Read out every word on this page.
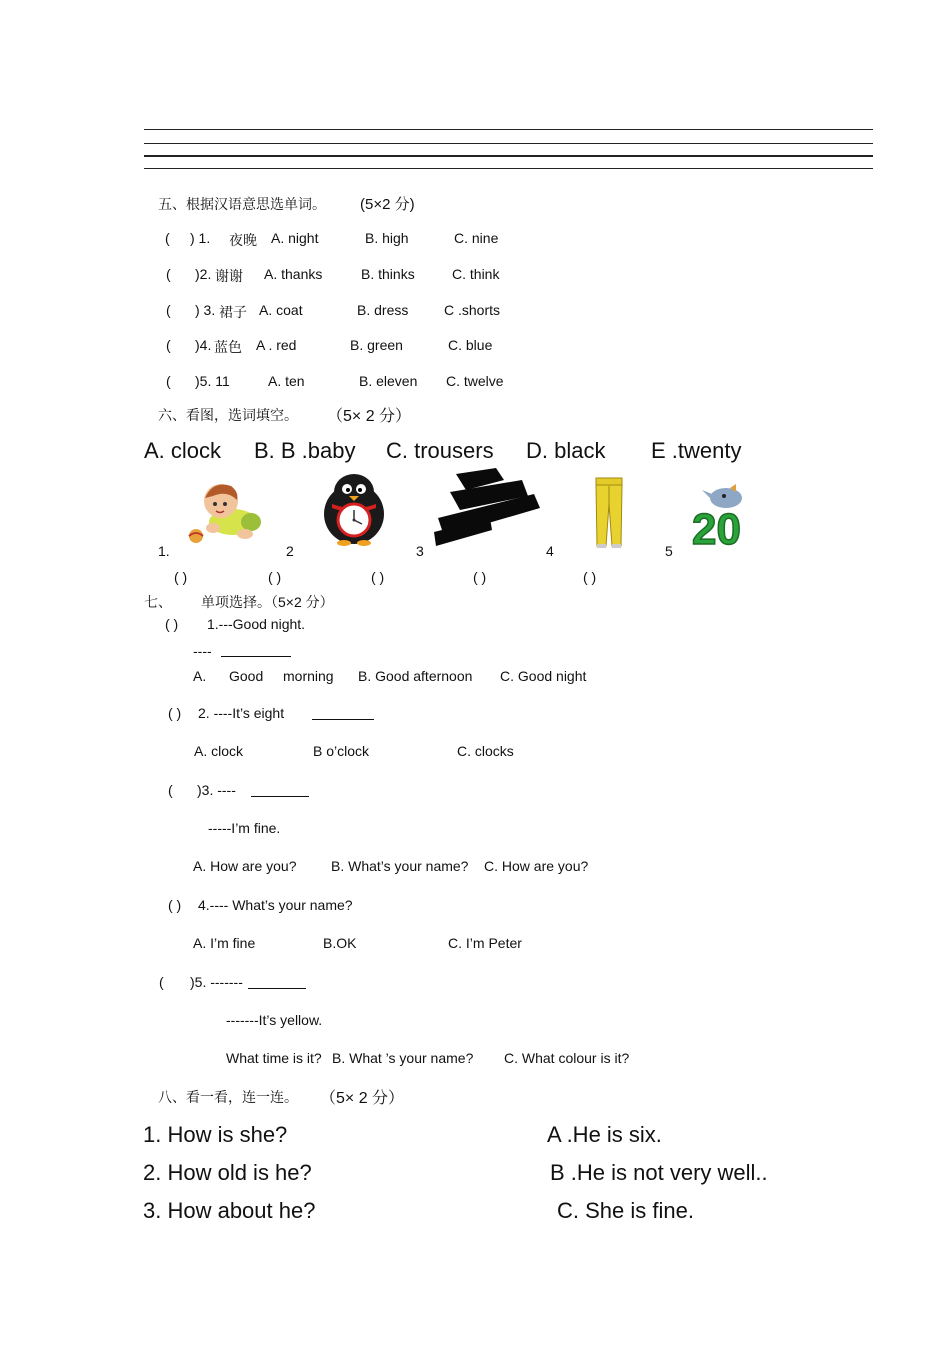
五、根据汉语意思选单词。 (5×2 分)
( ) 1. 夜晚 A. night	B. high	C. nine
( )2. 谢谢 A. thanks	B. thinks	C. think
( ) 3. 裙子 A. coat	B. dress	C .shorts
( )4. 蓝色 A . red	B. green	C. blue
( )5. 11	A. ten	B. eleven C. twelve
六、看图，选词填空。 （5× 2 分）
A. clock B. B .baby C. trousers D. black E .twenty
20
1.	2	3	4	5
( )	( )	( )	( )	( )
七、 单项选择。（5×2 分）
( ) 1.---Good night.
----
A. Good morning B. Good afternoon C. Good night
( ) 2. ----It’s eight
A. clock	B o’clock	C. clocks
( )3. ----
-----I’m fine.
A. How are you? B. What’s your name? C. How are you?
( ) 4.---- What’s your name?
A. I’m fine	B.OK	C. I’m Peter
( )5. -------
-------It’s yellow.
What time is it? B. What ’s your name? C. What colour is it?
八、看一看，连一连。 （5× 2 分）
1. How is she?
2. How old is he?
3. How about he?
A .He is six.
B .He is not very well..
C. She is fine.
